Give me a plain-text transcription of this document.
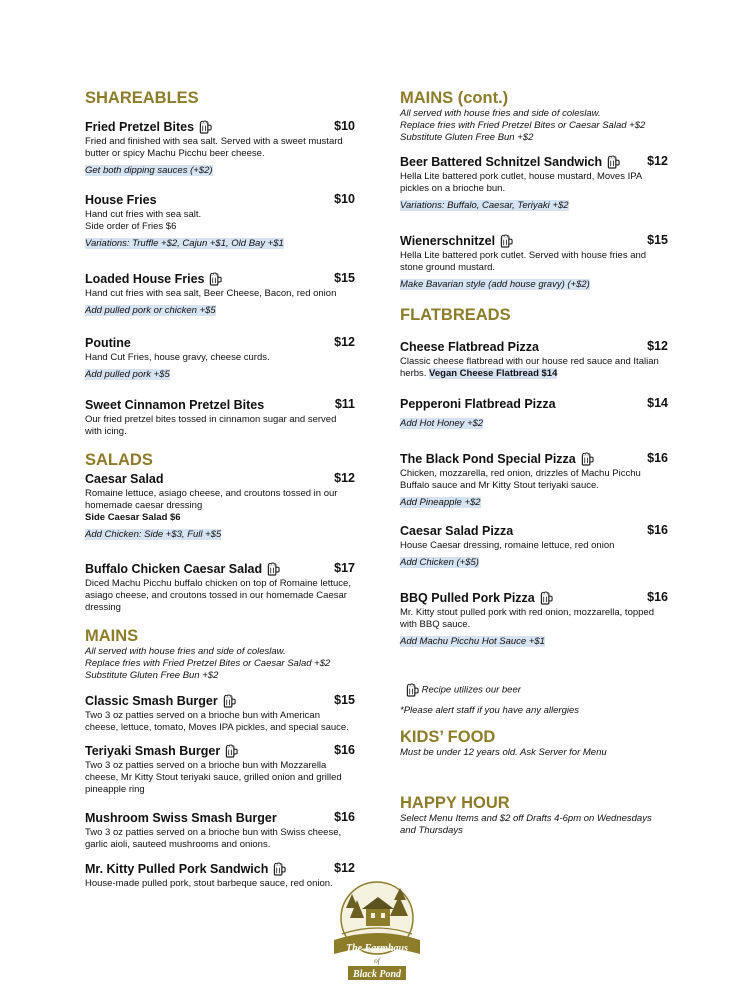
SHAREABLES
Fried Pretzel Bites	$10
Fried and finished with sea salt. Served with a sweet mustard butter or spicy Machu Picchu beer cheese.
Get both dipping sauces (+$2)
House Fries	$10
Hand cut fries with sea salt.
Side order of Fries $6
Variations: Truffle +$2, Cajun +$1, Old Bay +$1
Loaded House Fries	$15
Hand cut fries with sea salt, Beer Cheese, Bacon, red onion
Add pulled pork or chicken +$5
Poutine	$12
Hand Cut Fries, house gravy, cheese curds.
Add pulled pork +$5
Sweet Cinnamon Pretzel Bites	$11
Our fried pretzel bites tossed in cinnamon sugar and served with icing.
SALADS
Caesar Salad	$12
Romaine lettuce, asiago cheese, and croutons tossed in our homemade caesar dressing
Side Caesar Salad $6
Add Chicken: Side +$3, Full +$5
Buffalo Chicken Caesar Salad	$17
Diced Machu Picchu buffalo chicken on top of Romaine lettuce, asiago cheese, and croutons tossed in our homemade Caesar dressing
MAINS
All served with house fries and side of coleslaw.
Replace fries with Fried Pretzel Bites or Caesar Salad +$2
Substitute Gluten Free Bun +$2
Classic Smash Burger	$15
Two 3 oz patties served on a brioche bun with American cheese, lettuce, tomato, Moves IPA pickles, and special sauce.
Teriyaki Smash Burger	$16
Two 3 oz patties served on a brioche bun with Mozzarella cheese, Mr Kitty Stout teriyaki sauce, grilled onion and grilled pineapple ring
Mushroom Swiss Smash Burger	$16
Two 3 oz patties served on a brioche bun with Swiss cheese, garlic aioli, sauteed mushrooms and onions.
Mr. Kitty Pulled Pork Sandwich	$12
House-made pulled pork, stout barbeque sauce, red onion.
MAINS (cont.)
All served with house fries and side of coleslaw.
Replace fries with Fried Pretzel Bites or Caesar Salad +$2
Substitute Gluten Free Bun +$2
Beer Battered Schnitzel Sandwich	$12
Hella Lite battered pork cutlet, house mustard, Moves IPA pickles on a brioche bun.
Variations: Buffalo, Caesar, Teriyaki +$2
Wienerschnitzel	$15
Hella Lite battered pork cutlet. Served with house fries and stone ground mustard.
Make Bavarian style (add house gravy) (+$2)
FLATBREADS
Cheese Flatbread Pizza	$12
Classic cheese flatbread with our house red sauce and Italian herbs. Vegan Cheese Flatbread $14
Pepperoni Flatbread Pizza	$14
Add Hot Honey +$2
The Black Pond Special Pizza	$16
Chicken, mozzarella, red onion, drizzles of Machu Picchu Buffalo sauce and Mr Kitty Stout teriyaki sauce.
Add Pineapple +$2
Caesar Salad Pizza	$16
House Caesar dressing, romaine lettuce, red onion
Add Chicken (+$5)
BBQ Pulled Pork Pizza	$16
Mr. Kitty stout pulled pork with red onion, mozzarella, topped with BBQ sauce.
Add Machu Picchu Hot Sauce +$1
Recipe utilizes our beer
*Please alert staff if you have any allergies
KIDS’ FOOD
Must be under 12 years old. Ask Server for Menu
HAPPY HOUR
Select Menu Items and $2 off Drafts 4-6pm on Wednesdays and Thursdays
The Farmhaus
of
Black Pond
